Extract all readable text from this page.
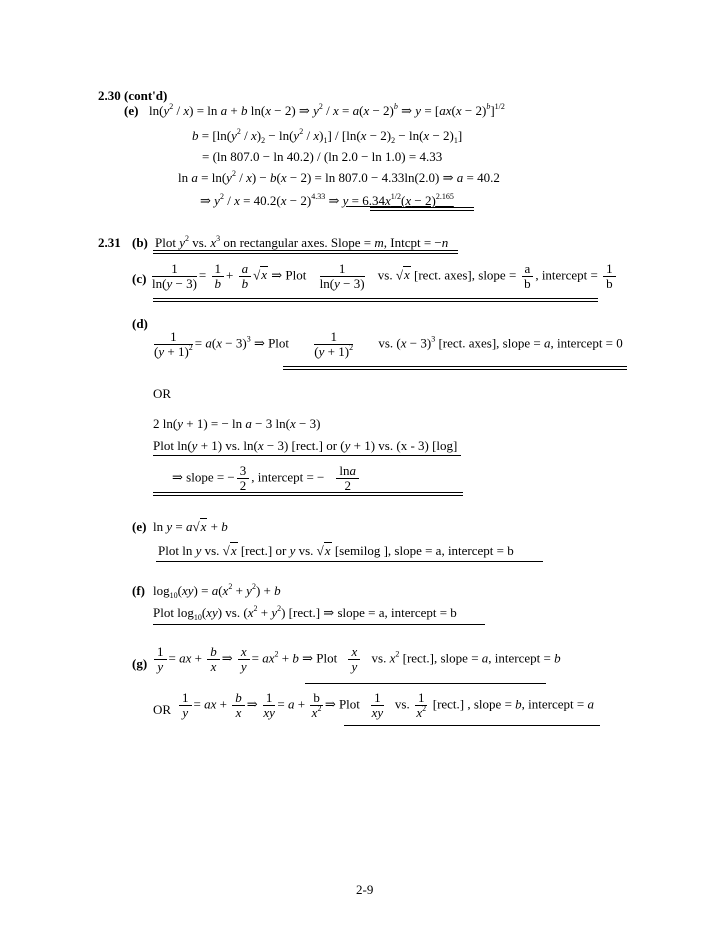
2.30 (cont'd)
(e) $\ln(y^2 / x) = \ln a + b$ ln(x − 2) ⇒ $y^2 / x = a(x - 2)^b$ ⇒ $y = [ax(x - 2)^b]^{1/2}$
$b = [\ln(y^2 / x)_2 - \ln(y^2 / x)_1] / [\ln(x - 2)_2 - \ln(x - 2)_1]$
= (ln 807.0 − ln 40.2) / (ln 2.0 − ln 1.0) = 4.33
$\ln a = \ln(y^2 / x) - b(x - 2) = \ln 807.0 - 4.33\ln(2.0)$ ⇒ a = 40.2
⇒ $y^2 / x = 40.2(x - 2)^{4.33}$ ⇒ $y = 6.34x^{1/2}(x - 2)^{2.165}$
2.31 (b) Plot $y^2$ vs. $x^3$ on rectangular axes. Slope = m, Intcpt = −n
$(c) \frac{1}{\ln(y - 3)} = \frac{1}{b} + \frac{a}{b} √x$ ⇒ Plot $\frac{1}{\ln(y - 3)}$ vs. √x [rect. axes], slope = $\frac{a}{b}$ , intercept = $\frac{1}{b}$
(d)
$\frac{1}{(y + 1)^2} = a(x - 3)^3$ ⇒ Plot $\frac{1}{(y + 1)^2}$ vs. $(x - 3)^3$ [rect. axes], slope = a, intercept = 0
OR
2 ln(y + 1) = − ln a − 3 ln(x − 3)
Plot ln(y + 1) vs. ln(x − 3) [rect.] or (y + 1) vs. (x - 3) [log]
⇒ slope = − $\frac{3}{2}$ , intercept = − $\frac{\ln a}{2}$
(e) ln y = a√x + b
Plot ln y vs. √x [rect.] or y vs. √x [semilog ], slope = a, intercept = b
(f) $\log_{10}(xy) = a(x^2 + y^2) + b$
Plot $\log_{10}(xy)$ vs. $(x^2 + y^2)$ [rect.] ⇒ slope = a, intercept = b
$(g) \frac{1}{y}$ = ax + $\frac{b}{x}$ ⇒ $\frac{x}{y} = ax^2 + b$ ⇒ Plot $\frac{x}{y}$ vs. $x^2$ [rect.], slope = a, intercept = b
OR $\frac{1}{y}$ = ax + $\frac{b}{x}$ ⇒ $\frac{1}{xy} = a + \frac{b}{x^2}$ ⇒ Plot $\frac{1}{xy}$ vs. $\frac{1}{x^2}$ [rect.] , slope = b, intercept = a
2-9
